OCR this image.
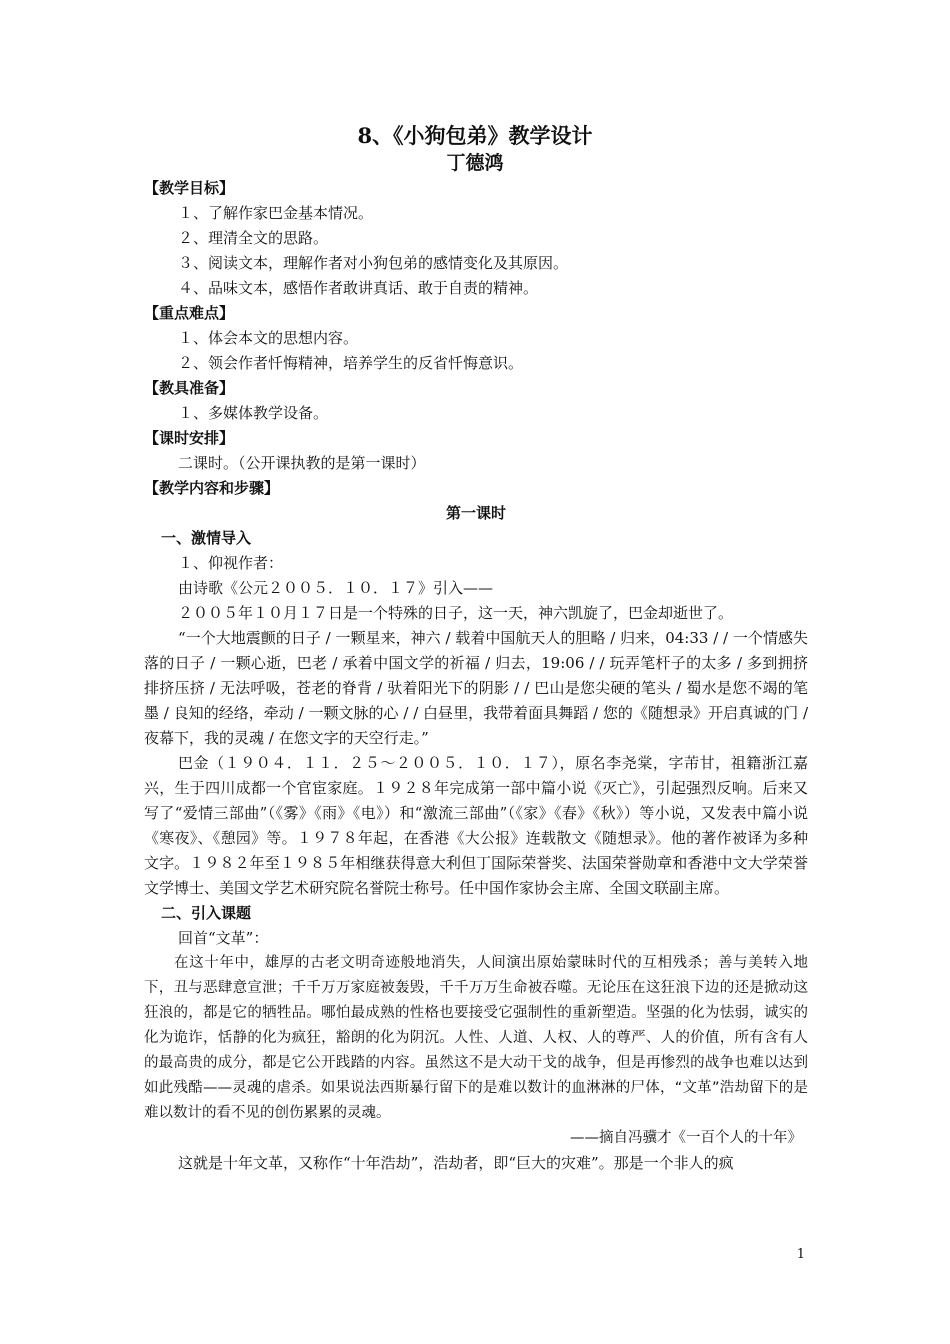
8、《小狗包弟》教学设计
丁德鸿
【教学目标】
１、了解作家巴金基本情况。
２、理清全文的思路。
３、阅读文本，理解作者对小狗包弟的感情变化及其原因。
４、品味文本，感悟作者敢讲真话、敢于自责的精神。
【重点难点】
１、体会本文的思想内容。
２、领会作者忏悔精神，培养学生的反省忏悔意识。
【教具准备】
１、多媒体教学设备。
【课时安排】
二课时。（公开课执教的是第一课时）
【教学内容和步骤】
第一课时
一、激情导入
１、仰视作者：
由诗歌《公元２００５．１０．１７》引入——
２００５年１０月１７日是一个特殊的日子，这一天，神六凯旋了，巴金却逝世了。

“一个大地震颤的日子 / 一颗星来，神六 / 载着中国航天人的胆略 / 归来，04:33 / / 一个情感失落的日子 / 一颗心逝，巴老 / 承着中国文学的祈福 / 归去，19:06 / / 玩弄笔杆子的太多 / 多到拥挤排挤压挤 / 无法呼吸，苍老的脊背 / 驮着阳光下的阴影 / / 巴山是您尖硬的笔头 / 蜀水是您不竭的笔墨 / 良知的经络，牵动 / 一颗文脉的心 / / 白昼里，我带着面具舞蹈 / 您的《随想录》开启真诚的门 / 夜幕下，我的灵魂 / 在您文字的天空行走。”

巴金（１９０４．１１．２５～２００５．１０．１７），原名李尧棠，字芾甘，祖籍浙江嘉兴，生于四川成都一个官宦家庭。１９２８年完成第一部中篇小说《灭亡》，引起强烈反响。后来又写了“爱情三部曲”（《雾》《雨》《电》）和“激流三部曲”（《家》《春》《秋》）等小说，又发表中篇小说《寒夜》、《憩园》等。１９７８年起，在香港《大公报》连载散文《随想录》。他的著作被译为多种文字。１９８２年至１９８５年相继获得意大利但丁国际荣誉奖、法国荣誉勋章和香港中文大学荣誉文学博士、美国文学艺术研究院名誉院士称号。任中国作家协会主席、全国文联副主席。

二、引入课题
回首“文革”：

在这十年中，雄厚的古老文明奇迹般地消失，人间演出原始蒙昧时代的互相残杀；善与美转入地下，丑与恶肆意宣泄；千千万万家庭被轰毁，千千万万生命被吞噬。无论压在这狂浪下边的还是掀动这狂浪的，都是它的牺牲品。哪怕最成熟的性格也要接受它强制性的重新塑造。坚强的化为怯弱，诚实的化为诡诈，恬静的化为疯狂，豁朗的化为阴沉。人性、人道、人权、人的尊严、人的价值，所有含有人的最高贵的成分，都是它公开践踏的内容。虽然这不是大动干戈的战争，但是再惨烈的战争也难以达到如此残酷——灵魂的虐杀。如果说法西斯暴行留下的是难以数计的血淋淋的尸体，“文革”浩劫留下的是难以数计的看不见的创伤累累的灵魂。

——摘自冯骥才《一百个人的十年》
这就是十年文革，又称作“十年浩劫”，浩劫者，即“巨大的灾难”。那是一个非人的疯
1
